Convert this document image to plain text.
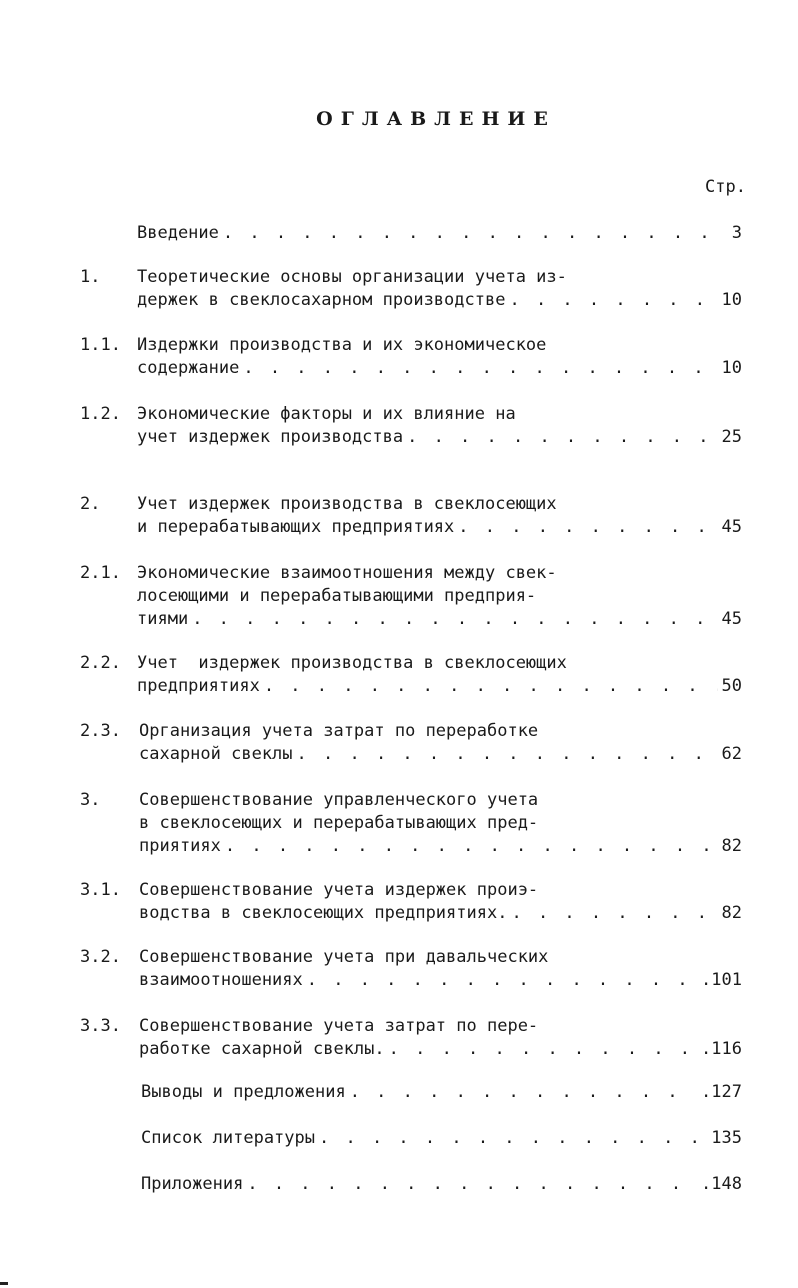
ОГЛАВЛЕНИЕ
Стр.
Введение . . .	3
1. Теоретические основы организации учета из-
держек в свеклосахарном производстве . . .	10
1.1. Издержки производства и их экономическое
содержание . . .	10
1.2. Экономические факторы и их влияние на
учет издержек производства . . .	25
2. Учет издержек производства в свеклосеющих
и перерабатывающих предприятиях . . .	45
2.1. Экономические взаимоотношения между свек-
лосеющими и перерабатывающими предприя-
тиями . . .	45
2.2. Учет  издержек производства в свеклосеющих
предприятиях . . .	50
2.3. Организация учета затрат по переработке
сахарной свеклы . . .	62
3. Совершенствование управленческого учета
в свеклосеющих и перерабатывающих пред-
приятиях . . .	82
3.1. Совершенствование учета издержек проиэ-
водства в свеклосеющих предприятиях. . . .	82
3.2. Совершенствование учета при давальческих
взаимоотношениях . . .	.101
3.3. Совершенствование учета затрат по пере-
работке сахарной свеклы. . . .	.116
Выводы и предложения . . .	.127
Список литературы . . .	135
Приложения . . .	.148
